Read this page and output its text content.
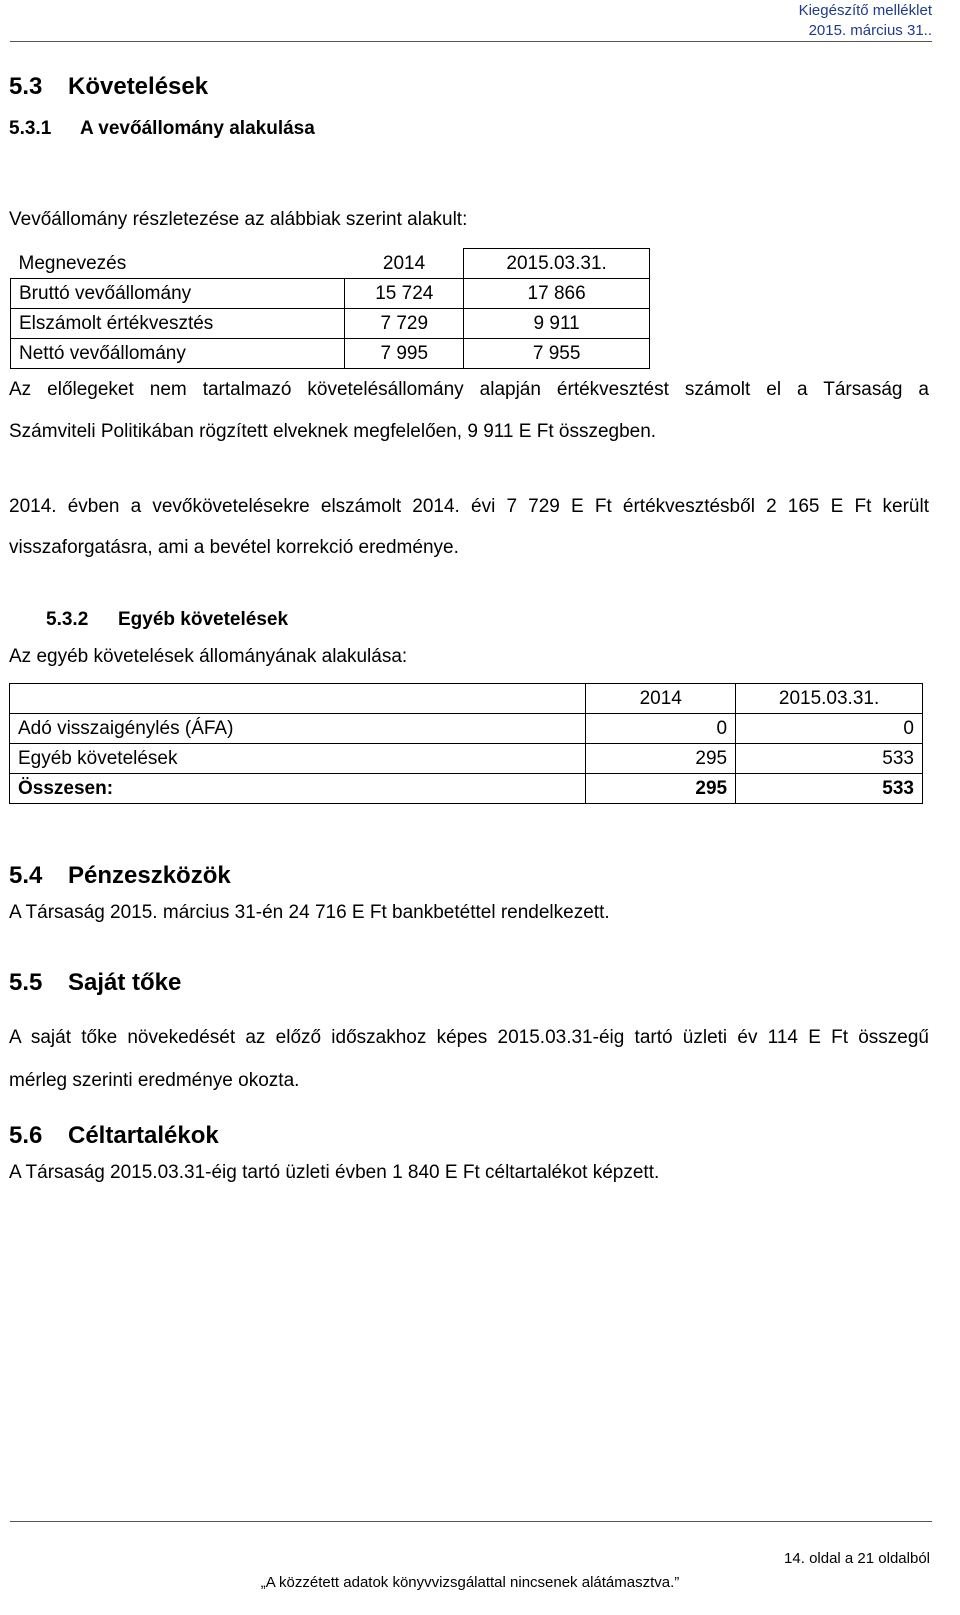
Kiegészítő melléklet
2015. március 31..
5.3 Követelések
5.3.1 A vevőállomány alakulása
Vevőállomány részletezése az alábbiak szerint alakult:
Megnevezés	2014	2015.03.31.
Bruttó vevőállomány	15 724	17 866
Elszámolt értékvesztés	7 729	9 911
Nettó vevőállomány	7 995	7 955
Az előlegeket nem tartalmazó követelésállomány alapján értékvesztést számolt el a Társaság a
Számviteli Politikában rögzített elveknek megfelelően, 9 911 E Ft összegben.
2014. évben a vevőkövetelésekre elszámolt 2014. évi 7 729 E Ft értékvesztésből 2 165 E Ft került
visszaforgatásra, ami a bevétel korrekció eredménye.
5.3.2 Egyéb követelések
Az egyéb követelések állományának alakulása:
	2014	2015.03.31.
Adó visszaigénylés (ÁFA)	0	0
Egyéb követelések	295	533
Összesen:	295	533
5.4 Pénzeszközök
A Társaság 2015. március 31-én 24 716 E Ft bankbetéttel rendelkezett.
5.5 Saját tőke
A saját tőke növekedését az előző időszakhoz képes 2015.03.31-éig tartó üzleti év 114 E Ft összegű
mérleg szerinti eredménye okozta.
5.6 Céltartalékok
A Társaság 2015.03.31-éig tartó üzleti évben 1 840 E Ft céltartalékot képzett.
14. oldal a 21 oldalból
„A közzétett adatok könyvvizsgálattal nincsenek alátámasztva.”
